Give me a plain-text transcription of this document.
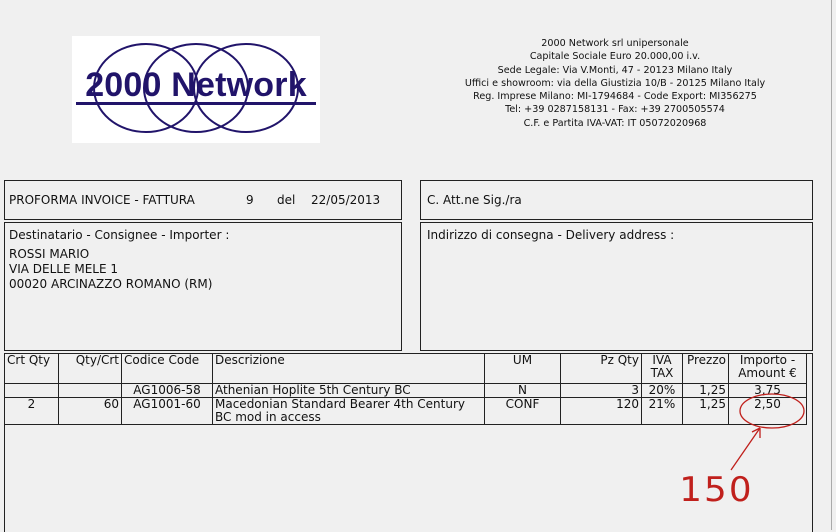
2000 Network
2000 Network srl unipersonale
Capitale Sociale Euro 20.000,00 i.v.
Sede Legale: Via V.Monti, 47 - 20123 Milano Italy
Uffici e showroom: via della Giustizia 10/B - 20125 Milano Italy
Reg. Imprese Milano: MI-1794684 - Code Export: MI356275
Tel: +39 0287158131 - Fax: +39 2700505574
C.F. e Partita IVA-VAT: IT 05072020968
PROFORMA INVOICE - FATTURA	9 del 22/05/2013	C. Att.ne Sig./ra
Destinatario - Consignee - Importer :
ROSSI MARIO
VIA DELLE MELE 1
00020 ARCINAZZO ROMANO (RM)
Indirizzo di consegna - Delivery address :
Crt Qty	Qty/Crt	Codice Code	Descrizione	UM	Pz Qty	IVA TAX	Prezzo	Importo - Amount €
		AG1006-58	Athenian Hoplite 5th Century BC	N	3	20%	1,25	3,75
2	60	AG1001-60	Macedonian Standard Bearer 4th Century BC mod in access	CONF	120	21%	1,25	2,50
150
